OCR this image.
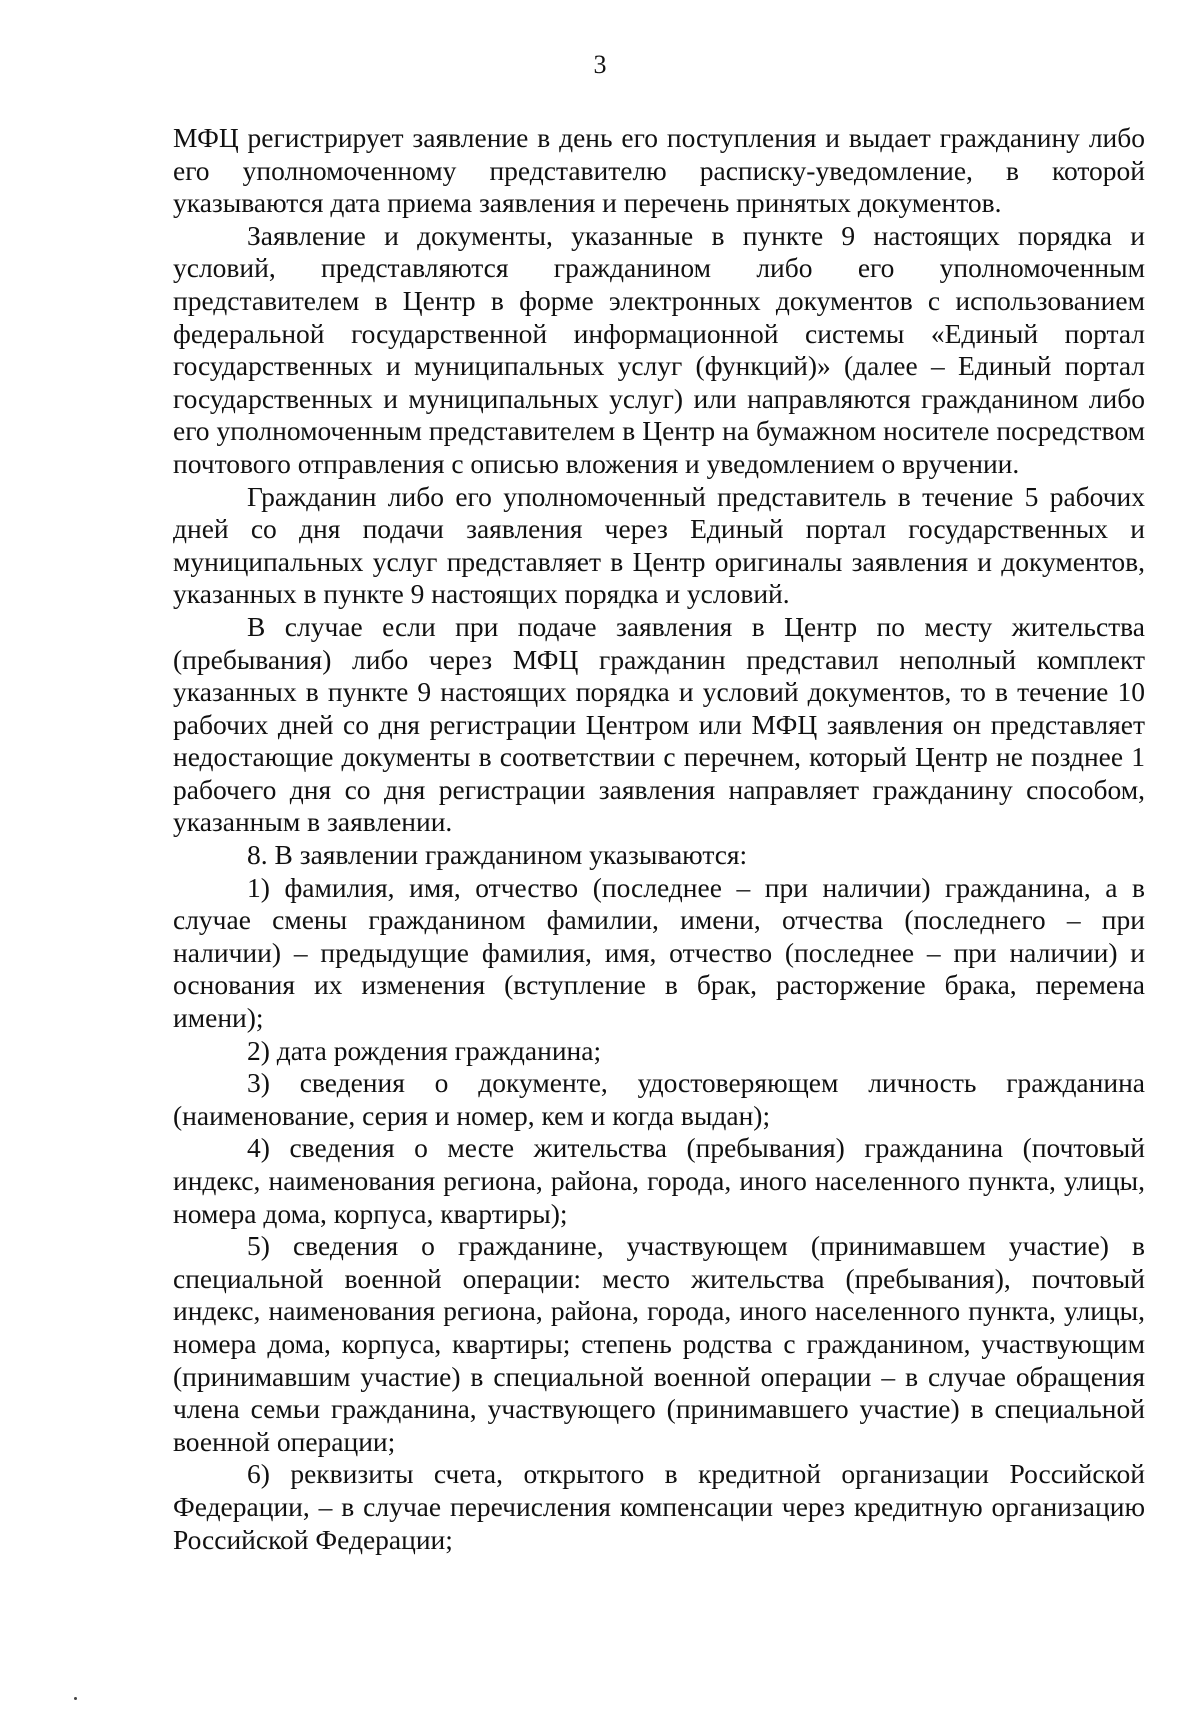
3

МФЦ регистрирует заявление в день его поступления и выдает гражданину либо его уполномоченному представителю расписку-уведомление, в которой указываются дата приема заявления и перечень принятых документов.

Заявление и документы, указанные в пункте 9 настоящих порядка и условий, представляются гражданином либо его уполномоченным представителем в Центр в форме электронных документов с использованием федеральной государственной информационной системы «Единый портал государственных и муниципальных услуг (функций)» (далее – Единый портал государственных и муниципальных услуг) или направляются гражданином либо его уполномоченным представителем в Центр на бумажном носителе посредством почтового отправления с описью вложения и уведомлением о вручении.

Гражданин либо его уполномоченный представитель в течение 5 рабочих дней со дня подачи заявления через Единый портал государственных и муниципальных услуг представляет в Центр оригиналы заявления и документов, указанных в пункте 9 настоящих порядка и условий.

В случае если при подаче заявления в Центр по месту жительства (пребывания) либо через МФЦ гражданин представил неполный комплект указанных в пункте 9 настоящих порядка и условий документов, то в течение 10 рабочих дней со дня регистрации Центром или МФЦ заявления он представляет недостающие документы в соответствии с перечнем, который Центр не позднее 1 рабочего дня со дня регистрации заявления направляет гражданину способом, указанным в заявлении.

8. В заявлении гражданином указываются:

1) фамилия, имя, отчество (последнее – при наличии) гражданина, а в случае смены гражданином фамилии, имени, отчества (последнего – при наличии) – предыдущие фамилия, имя, отчество (последнее – при наличии) и основания их изменения (вступление в брак, расторжение брака, перемена имени);

2) дата рождения гражданина;

3) сведения о документе, удостоверяющем личность гражданина (наименование, серия и номер, кем и когда выдан);

4) сведения о месте жительства (пребывания) гражданина (почтовый индекс, наименования региона, района, города, иного населенного пункта, улицы, номера дома, корпуса, квартиры);

5) сведения о гражданине, участвующем (принимавшем участие) в специальной военной операции: место жительства (пребывания), почтовый индекс, наименования региона, района, города, иного населенного пункта, улицы, номера дома, корпуса, квартиры; степень родства с гражданином, участвующим (принимавшим участие) в специальной военной операции – в случае обращения члена семьи гражданина, участвующего (принимавшего участие) в специальной военной операции;

6) реквизиты счета, открытого в кредитной организации Российской Федерации, – в случае перечисления компенсации через кредитную организацию Российской Федерации;
